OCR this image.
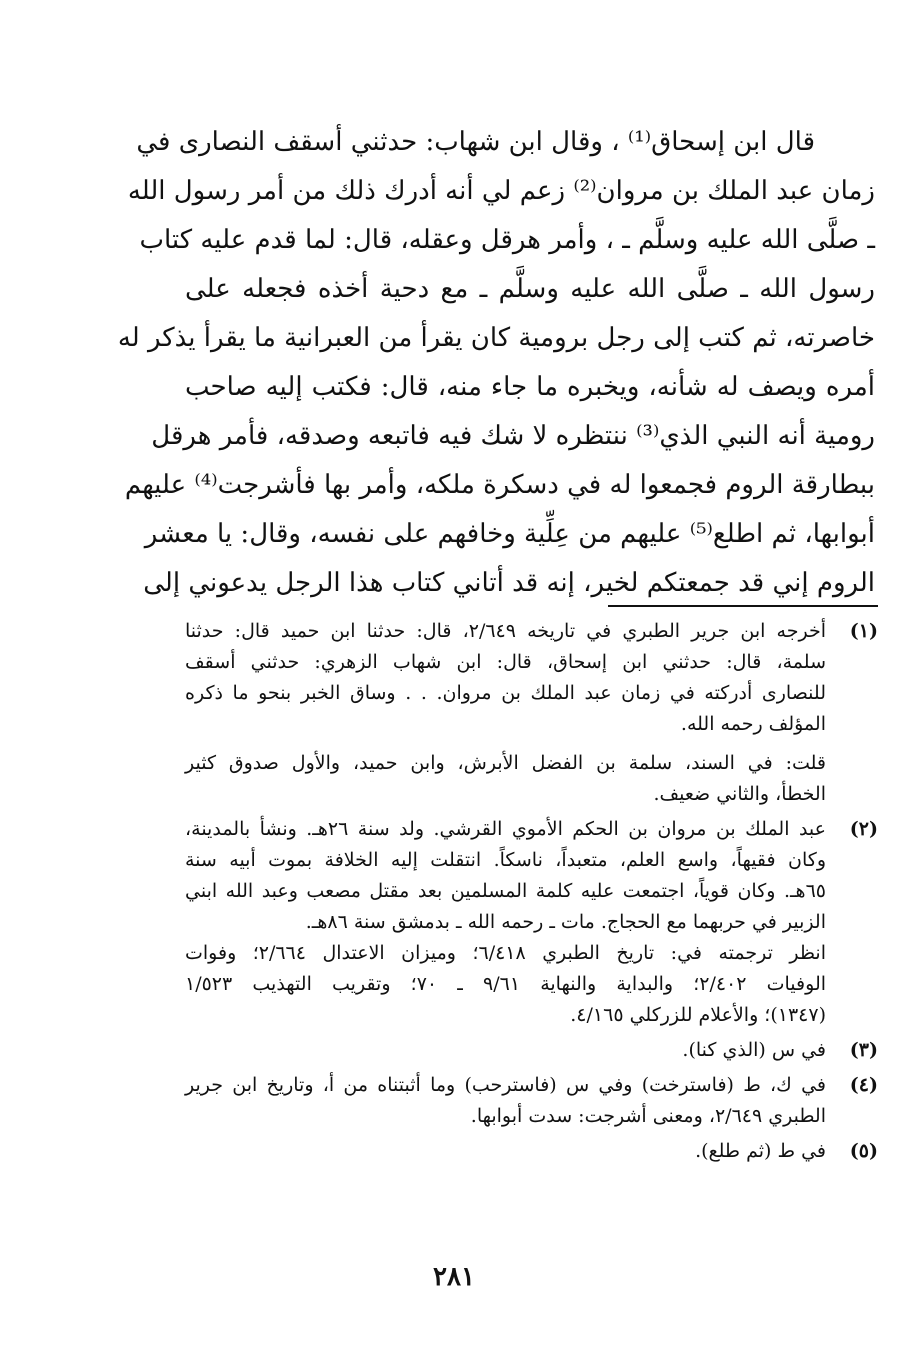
قال ابن إسحاق⁽¹⁾ ، وقال ابن شهاب: حدثني أسقف النصارى في
زمان عبد الملك بن مروان⁽²⁾ زعم لي أنه أدرك ذلك من أمر رسول الله
ـ صلَّى الله عليه وسلَّم ـ ، وأمر هرقل وعقله، قال: لما قدم عليه كتاب
رسول الله ـ صلَّى الله عليه وسلَّم ـ مع دحية أخذه فجعله على
خاصرته، ثم كتب إلى رجل برومية كان يقرأ من العبرانية ما يقرأ يذكر له
أمره ويصف له شأنه، ويخبره ما جاء منه، قال: فكتب إليه صاحب
رومية أنه النبي الذي⁽³⁾ ننتظره لا شك فيه فاتبعه وصدقه، فأمر هرقل
ببطارقة الروم فجمعوا له في دسكرة ملكه، وأمر بها فأشرجت⁽⁴⁾ عليهم
أبوابها، ثم اطلع⁽⁵⁾ عليهم من عِلِّية وخافهم على نفسه، وقال: يا معشر
الروم إني قد جمعتكم لخير، إنه قد أتاني كتاب هذا الرجل يدعوني إلى
(١)
أخرجه ابن جرير الطبري في تاريخه ٢/٦٤٩، قال: حدثنا ابن حميد قال: حدثنا
سلمة، قال: حدثني ابن إسحاق، قال: ابن شهاب الزهري: حدثني أسقف
للنصارى أدركته في زمان عبد الملك بن مروان. . . وساق الخبر بنحو ما ذكره
المؤلف رحمه الله.
قلت: في السند، سلمة بن الفضل الأبرش، وابن حميد، والأول صدوق كثير
الخطأ، والثاني ضعيف.
(٢)
عبد الملك بن مروان بن الحكم الأموي القرشي. ولد سنة ٢٦هـ. ونشأ بالمدينة،
وكان فقيهاً، واسع العلم، متعبداً، ناسكاً. انتقلت إليه الخلافة بموت أبيه سنة
٦٥هـ. وكان قوياً، اجتمعت عليه كلمة المسلمين بعد مقتل مصعب وعبد الله ابني
الزبير في حربهما مع الحجاج. مات ـ رحمه الله ـ بدمشق سنة ٨٦هـ.
انظر ترجمته في: تاريخ الطبري ٦/٤١٨؛ وميزان الاعتدال ٢/٦٦٤؛ وفوات
الوفيات ٢/٤٠٢؛ والبداية والنهاية ٩/٦١ ـ ٧٠؛ وتقريب التهذيب ١/٥٢٣
(١٣٤٧)؛ والأعلام للزركلي ٤/١٦٥.
(٣)
في س (الذي كنا).
(٤)
في ك، ط (فاسترخت) وفي س (فاسترحب) وما أثبتناه من أ، وتاريخ ابن جرير
الطبري ٢/٦٤٩، ومعنى أشرجت: سدت أبوابها.
(٥)
في ط (ثم طلع).
٢٨١
